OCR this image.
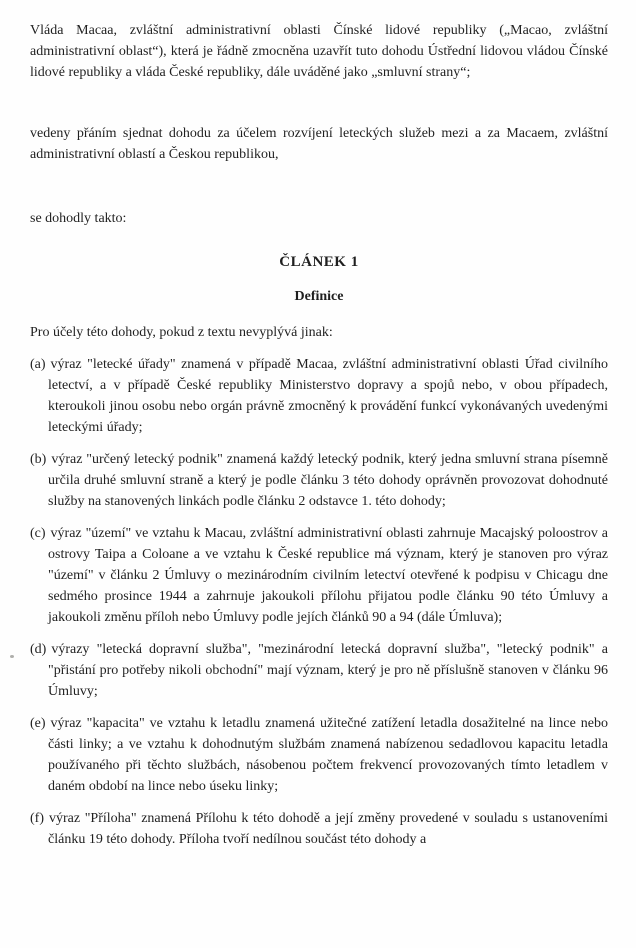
Vláda Macaa, zvláštní administrativní oblasti Čínské lidové republiky („Macao, zvláštní administrativní oblast“), která je řádně zmocněna uzavřít tuto dohodu Ústřední lidovou vládou Čínské lidové republiky a vláda České republiky, dále uváděné jako „smluvní strany“;

vedeny přáním sjednat dohodu za účelem rozvíjení leteckých služeb mezi a za Macaem, zvláštní administrativní oblastí a Českou republikou,

se dohodly takto:

ČLÁNEK 1
Definice

Pro účely této dohody, pokud z textu nevyplývá jinak:

(a) výraz "letecké úřady" znamená v případě Macaa, zvláštní administrativní oblasti Úřad civilního letectví, a v případě České republiky Ministerstvo dopravy a spojů nebo, v obou případech, kteroukoli jinou osobu nebo orgán právně zmocněný k provádění funkcí vykonávaných uvedenými leteckými úřady;
(b) výraz "určený letecký podnik" znamená každý letecký podnik, který jedna smluvní strana písemně určila druhé smluvní straně a který je podle článku 3 této dohody oprávněn provozovat dohodnuté služby na stanovených linkách podle článku 2 odstavce 1. této dohody;
(c) výraz "území" ve vztahu k Macau, zvláštní administrativní oblasti zahrnuje Macajský poloostrov a ostrovy Taipa a Coloane a ve vztahu k České republice má význam, který je stanoven pro výraz "území" v článku 2 Úmluvy o mezinárodním civilním letectví otevřené k podpisu v Chicagu dne sedmého prosince 1944 a zahrnuje jakoukoli přílohu přijatou podle článku 90 této Úmluvy a jakoukoli změnu příloh nebo Úmluvy podle jejích článků 90 a 94 (dále Úmluva);
(d) výrazy "letecká dopravní služba", "mezinárodní letecká dopravní služba", "letecký podnik" a "přistání pro potřeby nikoli obchodní" mají význam, který je pro ně příslušně stanoven v článku 96 Úmluvy;
(e) výraz "kapacita" ve vztahu k letadlu znamená užitečné zatížení letadla dosažitelné na lince nebo části linky; a ve vztahu k dohodnutým službám znamená nabízenou sedadlovou kapacitu letadla používaného při těchto službách, násobenou počtem frekvencí provozovaných tímto letadlem v daném období na lince nebo úseku linky;
(f) výraz "Příloha" znamená Přílohu k této dohodě a její změny provedené v souladu s ustanoveními článku 19 této dohody. Příloha tvoří nedílnou součást této dohody a
